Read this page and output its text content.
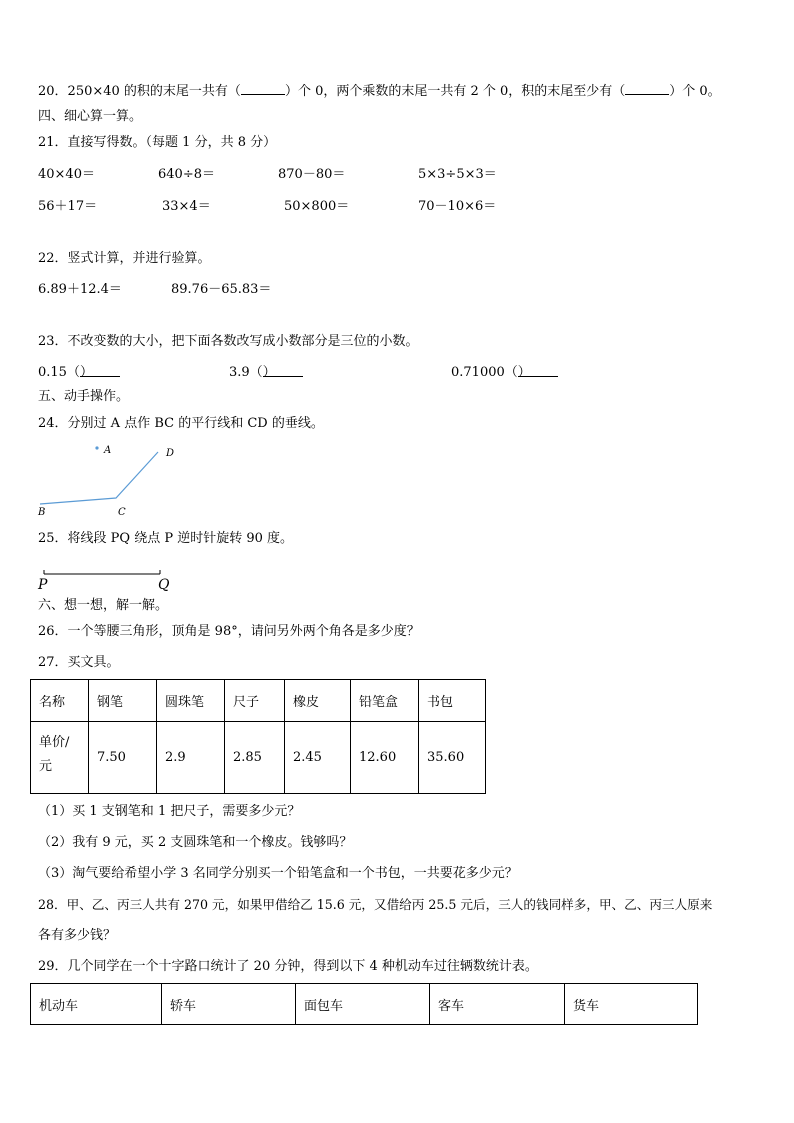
20．250×40 的积的末尾一共有（	）个 0，两个乘数的末尾一共有 2 个 0，积的末尾至少有（	）个 0。
四、细心算一算。
21．直接写得数。（每题 1 分，共 8 分）
40×40＝	640÷8＝	870－80＝	5×3÷5×3＝
56＋17＝	33×4＝	50×800＝	70－10×6＝
22．竖式计算，并进行验算。
6.89＋12.4＝	89.76－65.83＝
23．不改变数的大小，把下面各数改写成小数部分是三位的小数。
0.15（
）	3.9（
）	0.71000（
）
五、动手操作。
24．分别过 A 点作 BC 的平行线和 CD 的垂线。
A
B	C
D
25．将线段 PQ 绕点 P 逆时针旋转 90 度。
P	Q
六、想一想，解一解。
26．一个等腰三角形，顶角是 98°，请问另外两个角各是多少度？
27．买文具。
名称	钢笔	圆珠笔	尺子	橡皮	铅笔盒	书包
单价/
元	7.50	2.9	2.85	2.45	12.60	35.60
（1）买 1 支钢笔和 1 把尺子，需要多少元？
（2）我有 9 元，买 2 支圆珠笔和一个橡皮。钱够吗？
（3）淘气要给希望小学 3 名同学分别买一个铅笔盒和一个书包，一共要花多少元？
28．甲、乙、丙三人共有 270 元，如果甲借给乙 15.6 元，又借给丙 25.5 元后，三人的钱同样多，甲、乙、丙三人原来
各有多少钱？
29．几个同学在一个十字路口统计了 20 分钟，得到以下 4 种机动车过往辆数统计表。
机动车	轿车	面包车	客车	货车
